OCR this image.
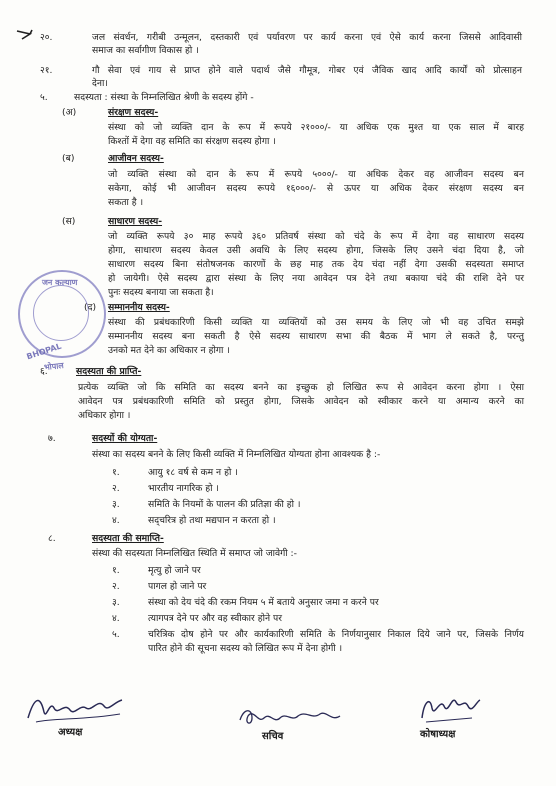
२०.	जल संवर्धन, गरीबी उन्मूलन, दस्तकारी एवं पर्यावरण पर कार्य करना एवं ऐसे कार्य करना जिससे आदिवासी
समाज का सर्वागीण विकास हो ।
२१.	गौ सेवा एवं गाय से प्राप्त होने वाले पदार्थ जैसे गौमूत्र, गोबर एवं जैविक खाद आदि कार्यों को प्रोत्साहन
देना।
५.	सदस्यता : संस्था के निम्नलिखित श्रेणी के सदस्य होंगे -
(अ)	संरक्षण सदस्य-
संस्था को जो व्यक्ति दान के रूप में रूपये २१०००/- या अधिक एक मुश्त या एक साल में बारह
किश्तों में देगा वह समिति का संरक्षण सदस्य होगा ।
(ब)	आजीवन सदस्य-
जो व्यक्ति संस्था को दान के रूप में रूपये ५०००/- या अधिक देकर वह आजीवन सदस्य बन
सकेगा, कोई भी आजीवन सदस्य रूपये १६०००/- से ऊपर या अधिक देकर संरक्षण सदस्य बन
सकता है ।
(स)	साधारण सदस्य-
जो व्यक्ति रूपये ३० माह रूपये ३६० प्रतिवर्ष संस्था को चंदे के रूप में देगा वह साधारण सदस्य
होगा, साधारण सदस्य केवल उसी अवधि के लिए सदस्य होगा, जिसके लिए उसने चंदा दिया है, जो
साधारण सदस्य बिना संतोषजनक कारणों के छह माह तक देय चंदा नहीं देगा उसकी सदस्यता समाप्त
हो जायेगी। ऐसे सदस्य द्वारा संस्था के लिए नया आवेदन पत्र देने तथा बकाया चंदे की राशि देने पर
पुनः सदस्य बनाया जा सकता है।
(द) सम्माननीय सदस्य-
संस्था की प्रबंधकारिणी किसी व्यक्ति या व्यक्तियों को उस समय के लिए जो भी वह उचित समझे
सम्माननीय सदस्य बना सकती है ऐसे सदस्य साधारण सभा की बैठक में भाग ले सकते है, परन्तु
उनको मत देने का अधिकार न होगा ।
६.	सदस्यता की प्राप्ति-
प्रत्येक व्यक्ति जो कि समिति का सदस्य बनने का इच्छुक हो लिखित रूप से आवेदन करना होगा । ऐसा
आवेदन पत्र प्रबंधकारिणी समिति को प्रस्तुत होगा, जिसके आवेदन को स्वीकार करने या अमान्य करने का
अधिकार होगा ।
७.	सदस्यों की योग्यता-
संस्था का सदस्य बनने के लिए किसी व्यक्ति में निम्नलिखित योग्यता होना आवश्यक है :-
१.	आयु १८ वर्ष से कम न हो ।
२.	भारतीय नागरिक हो ।
३.	समिति के नियमों के पालन की प्रतिज्ञा की हो ।
४.	सद्चरित्र हो तथा मद्यपान न करता हो ।
८.	सदस्यता की समाप्ति-
संस्था की सदस्यता निम्नलिखित स्थिति में समाप्त जो जावेगी :-
१.	मृत्यु हो जाने पर
२.	पागल हो जाने पर
३.	संस्था को देय चंदे की रकम नियम ५ में बताये अनुसार जमा न करने पर
४.	त्यागपत्र देने पर और वह स्वीकार होने पर
५.	चरित्रिक दोष होने पर और कार्यकारिणी समिति के निर्णयानुसार निकाल दिये जाने पर, जिसके निर्णय
पारित होने की सूचना सदस्य को लिखित रूप में देना होगी ।
जन कल्याण
BHOPAL
भोपाल
अध्यक्ष	सचिव	कोषाध्यक्ष
